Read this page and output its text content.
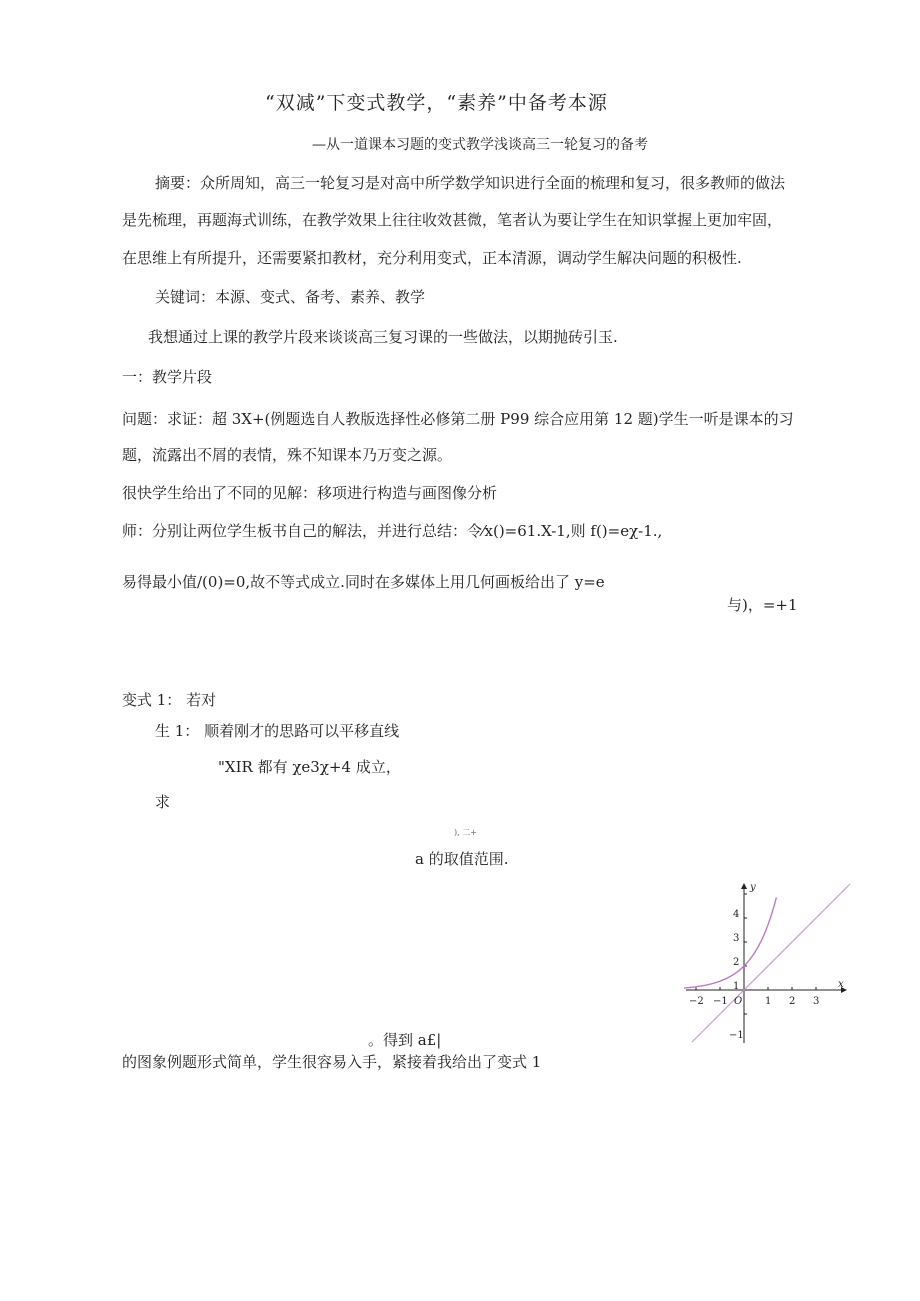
“双减”下变式教学，“素养”中备考本源
—从一道课本习题的变式教学浅谈高三一轮复习的备考
摘要：众所周知，高三一轮复习是对高中所学数学知识进行全面的梳理和复习，很多教师的做法
是先梳理，再题海式训练，在教学效果上往往收效甚微，笔者认为要让学生在知识掌握上更加牢固，
在思维上有所提升，还需要紧扣教材，充分利用变式，正本清源，调动学生解决问题的积极性.
关键词：本源、变式、备考、素养、教学
我想通过上课的教学片段来谈谈高三复习课的一些做法，以期抛砖引玉.
一：教学片段
问题：求证：超 3X+(例题选自人教版选择性必修第二册 P99 综合应用第 12 题)学生一听是课本的习
题，流露出不屑的表情，殊不知课本乃万变之源。
很快学生给出了不同的见解：移项进行构造与画图像分析
师：分别让两位学生板书自己的解法，并进行总结：令⁄x()=61.X-1,则 f()=eχ-1.,
易得最小值/(0)=0,故不等式成立.同时在多媒体上用几何画板给出了 y=e
与)，=+1
变式 1： 若对
生 1： 顺着刚才的思路可以平移直线
"XIR 都有 χe3χ+4 成立，
求
), 二+
a 的取值范围.
。得到 a£|
的图象例题形式简单，学生很容易入手，紧接着我给出了变式 1
y
x
−2 −1 O 1 2 3
4
3
2
1
−1
